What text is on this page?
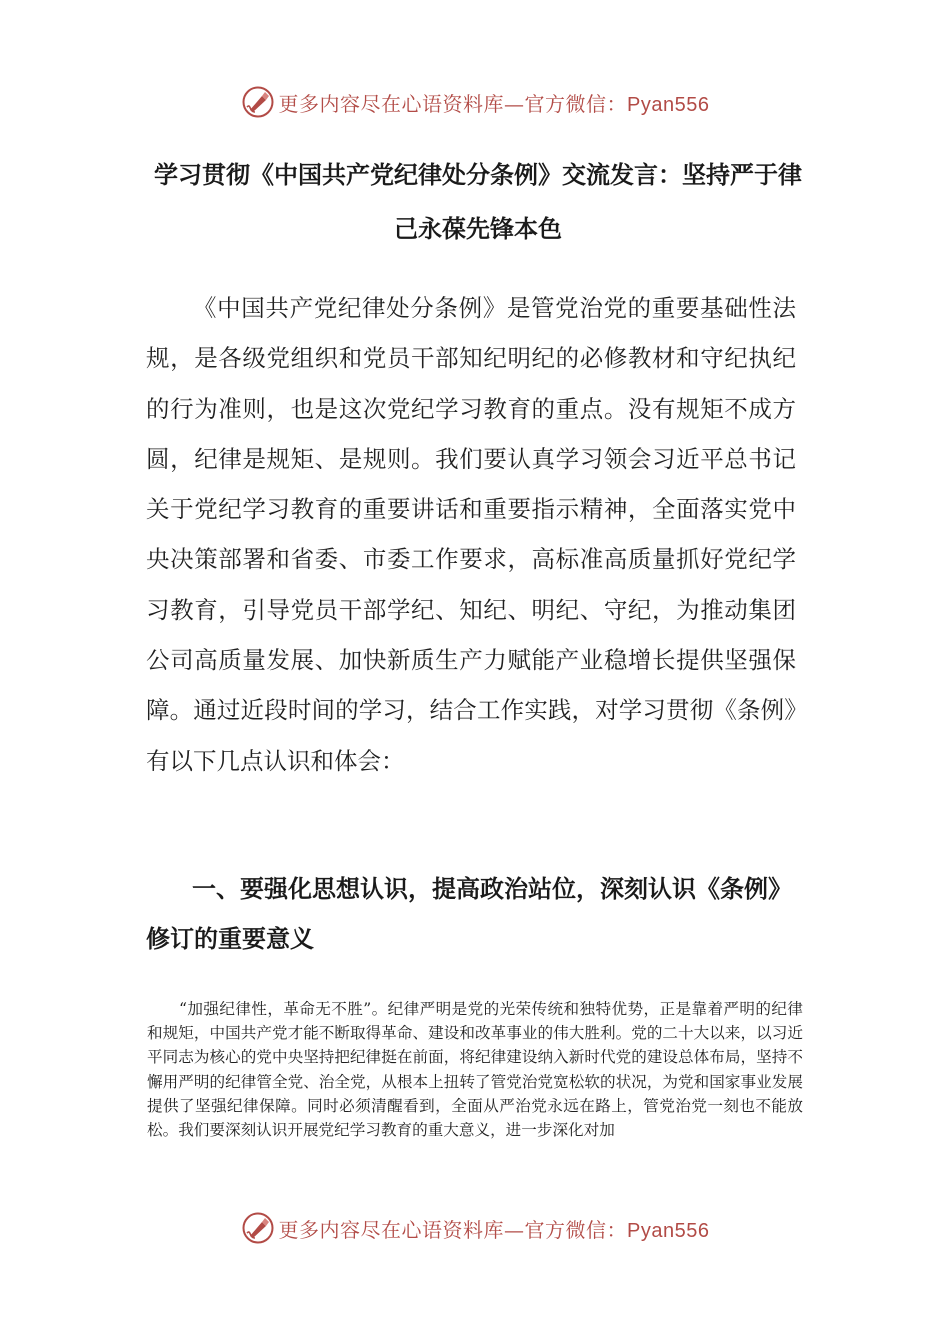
更多内容尽在心语资料库—官方微信：Pyan556
学习贯彻《中国共产党纪律处分条例》交流发言：坚持严于律己永葆先锋本色

《中国共产党纪律处分条例》是管党治党的重要基础性法规，是各级党组织和党员干部知纪明纪的必修教材和守纪执纪的行为准则，也是这次党纪学习教育的重点。没有规矩不成方圆，纪律是规矩、是规则。我们要认真学习领会习近平总书记关于党纪学习教育的重要讲话和重要指示精神，全面落实党中央决策部署和省委、市委工作要求，高标准高质量抓好党纪学习教育，引导党员干部学纪、知纪、明纪、守纪，为推动集团公司高质量发展、加快新质生产力赋能产业稳增长提供坚强保障。通过近段时间的学习，结合工作实践，对学习贯彻《条例》有以下几点认识和体会：

一、要强化思想认识，提高政治站位，深刻认识《条例》修订的重要意义

“加强纪律性，革命无不胜”。纪律严明是党的光荣传统和独特优势，正是靠着严明的纪律和规矩，中国共产党才能不断取得革命、建设和改革事业的伟大胜利。党的二十大以来，以习近平同志为核心的党中央坚持把纪律挺在前面，将纪律建设纳入新时代党的建设总体布局，坚持不懈用严明的纪律管全党、治全党，从根本上扭转了管党治党宽松软的状况，为党和国家事业发展提供了坚强纪律保障。同时必须清醒看到，全面从严治党永远在路上，管党治党一刻也不能放松。我们要深刻认识开展党纪学习教育的重大意义，进一步深化对加

更多内容尽在心语资料库—官方微信：Pyan556
